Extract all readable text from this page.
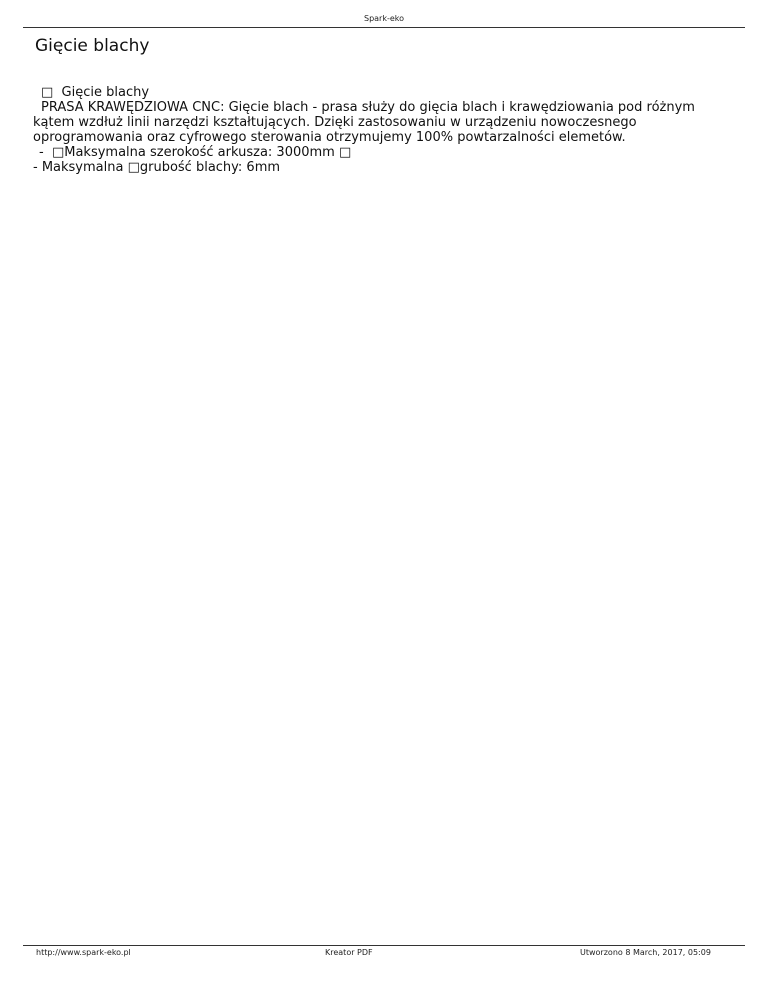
Spark-eko
Gięcie blachy

□  Gięcie blachy

PRASA KRAWĘDZIOWA CNC: Gięcie blach - prasa służy do gięcia blach i krawędziowania pod różnym kątem wzdłuż linii narzędzi kształtujących. Dzięki zastosowaniu w urządzeniu nowoczesnego oprogramowania oraz cyfrowego sterowania otrzymujemy 100% powtarzalności elemetów.

-  □Maksymalna szerokość arkusza: 3000mm □

- Maksymalna □grubość blachy: 6mm

http://www.spark-eko.pl	Kreator PDF	Utworzono 8 March, 2017, 05:09
